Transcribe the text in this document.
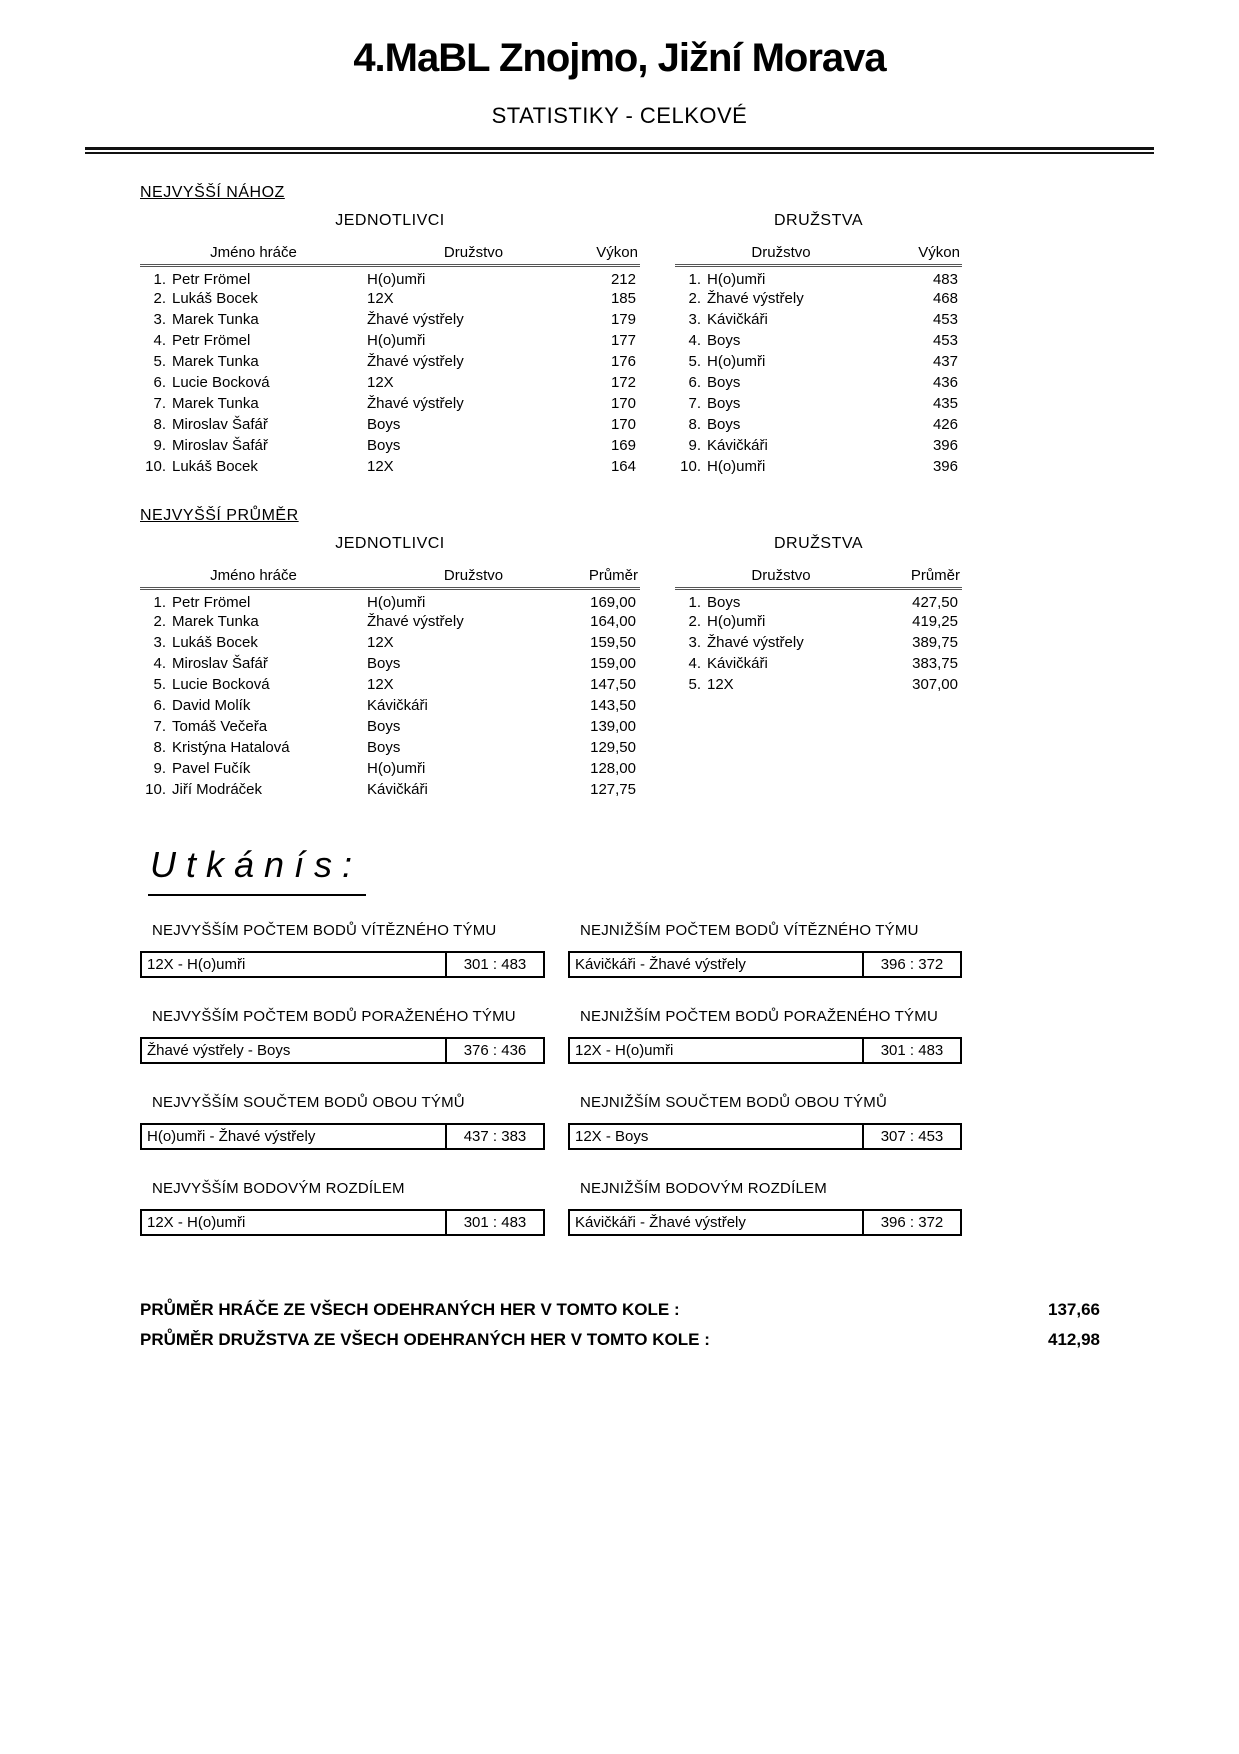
4.MaBL Znojmo, Jižní Morava
STATISTIKY - CELKOVÉ
NEJVYŠŠÍ NÁHOZ
JEDNOTLIVCI
Jméno hráče		Družstvo	Výkon
1.	Petr Frömel	H(o)umři	212
2.	Lukáš Bocek	12X	185
3.	Marek Tunka	Žhavé výstřely	179
4.	Petr Frömel	H(o)umři	177
5.	Marek Tunka	Žhavé výstřely	176
6.	Lucie Bocková	12X	172
7.	Marek Tunka	Žhavé výstřely	170
8.	Miroslav Šafář	Boys	170
9.	Miroslav Šafář	Boys	169
10.	Lukáš Bocek	12X	164
DRUŽSTVA
Družstvo		Výkon
1.	H(o)umři	483
2.	Žhavé výstřely	468
3.	Kávičkáři	453
4.	Boys	453
5.	H(o)umři	437
6.	Boys	436
7.	Boys	435
8.	Boys	426
9.	Kávičkáři	396
10.	H(o)umři	396
NEJVYŠŠÍ PRŮMĚR
JEDNOTLIVCI
Jméno hráče		Družstvo	Průměr
1.	Petr Frömel	H(o)umři	169,00
2.	Marek Tunka	Žhavé výstřely	164,00
3.	Lukáš Bocek	12X	159,50
4.	Miroslav Šafář	Boys	159,00
5.	Lucie Bocková	12X	147,50
6.	David Molík	Kávičkáři	143,50
7.	Tomáš Večeřa	Boys	139,00
8.	Kristýna Hatalová	Boys	129,50
9.	Pavel Fučík	H(o)umři	128,00
10.	Jiří Modráček	Kávičkáři	127,75
DRUŽSTVA
Družstvo		Průměr
1.	Boys	427,50
2.	H(o)umři	419,25
3.	Žhavé výstřely	389,75
4.	Kávičkáři	383,75
5.	12X	307,00
U t k á n í s :
NEJVYŠŠÍM POČTEM BODŮ VÍTĚZNÉHO TÝMU
12X - H(o)umři	301 : 483
NEJNIŽŠÍM POČTEM BODŮ VÍTĚZNÉHO TÝMU
Kávičkáři - Žhavé výstřely	396 : 372
NEJVYŠŠÍM POČTEM BODŮ PORAŽENÉHO TÝMU
Žhavé výstřely - Boys	376 : 436
NEJNIŽŠÍM POČTEM BODŮ PORAŽENÉHO TÝMU
12X - H(o)umři	301 : 483
NEJVYŠŠÍM SOUČTEM BODŮ OBOU TÝMŮ
H(o)umři - Žhavé výstřely	437 : 383
NEJNIŽŠÍM SOUČTEM BODŮ OBOU TÝMŮ
12X - Boys	307 : 453
NEJVYŠŠÍM BODOVÝM ROZDÍLEM
12X - H(o)umři	301 : 483
NEJNIŽŠÍM BODOVÝM ROZDÍLEM
Kávičkáři - Žhavé výstřely	396 : 372
PRŮMĚR HRÁČE ZE VŠECH ODEHRANÝCH HER V TOMTO KOLE :	137,66
PRŮMĚR DRUŽSTVA ZE VŠECH ODEHRANÝCH HER V TOMTO KOLE :	412,98
